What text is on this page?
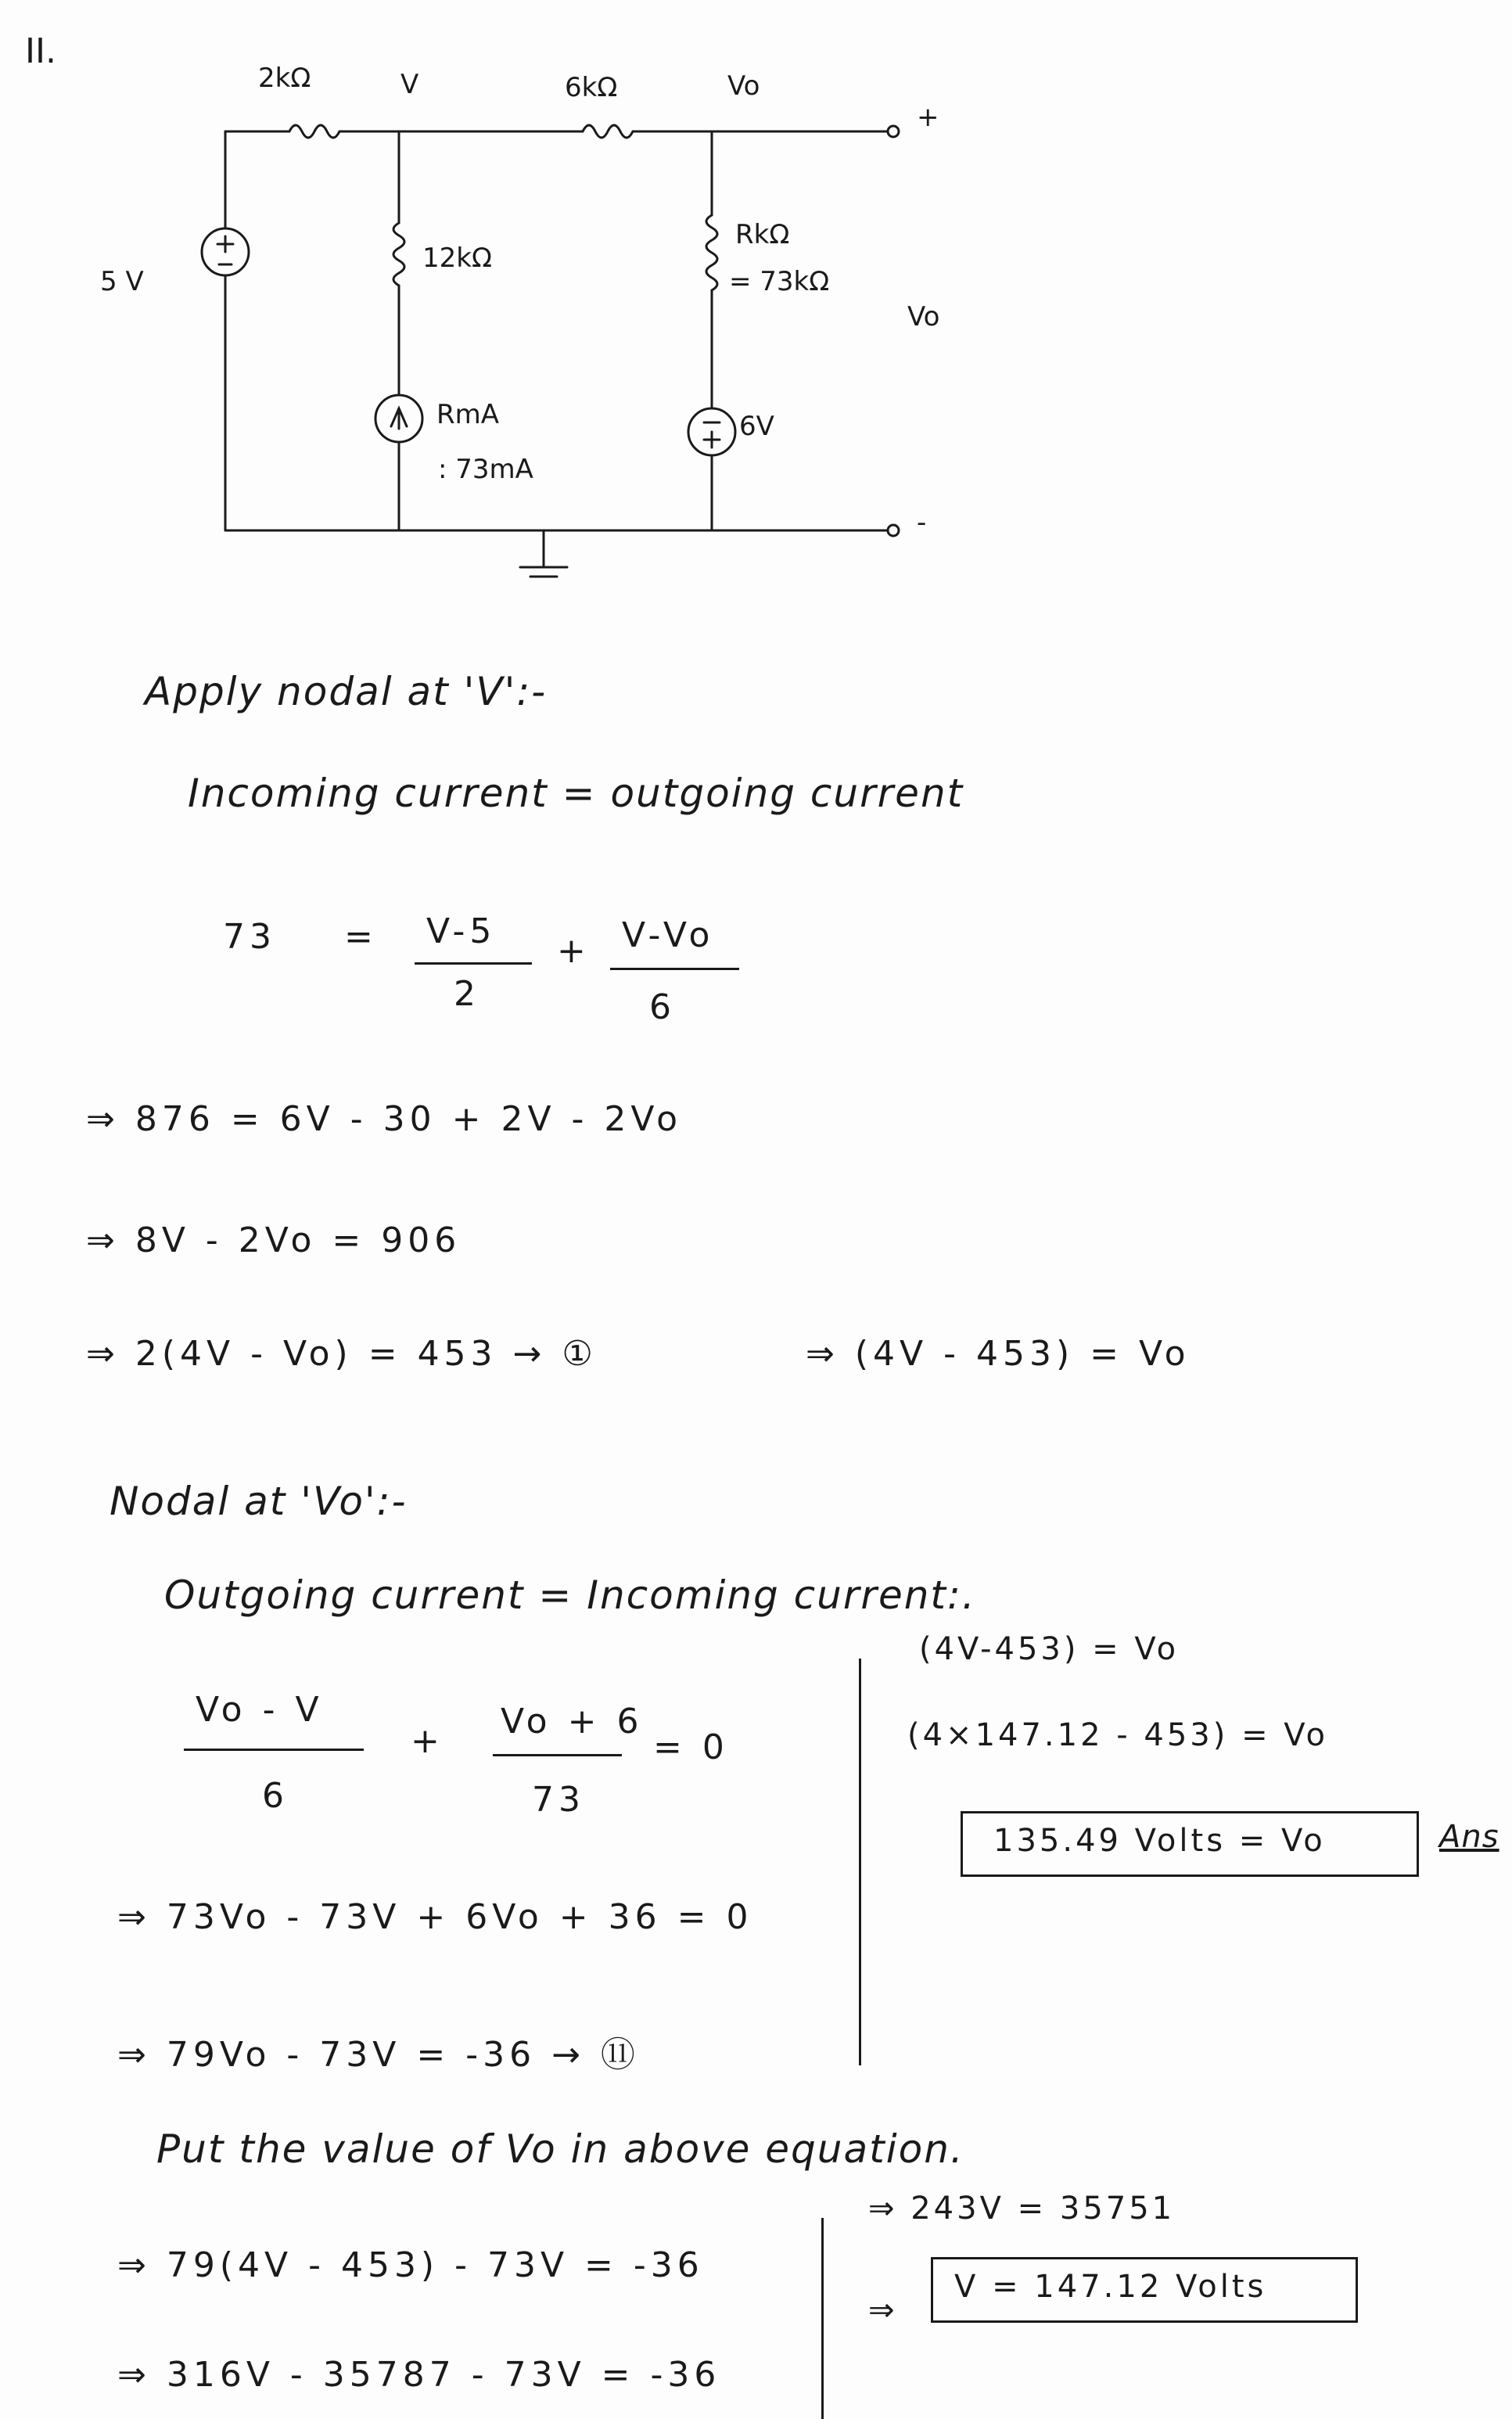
II.
2kΩ	V	6kΩ	Vo
+
-
5 V
12kΩ
RkΩ
= 73kΩ
Vo
RmA
: 73mA
6V
Apply nodal at 'V':-
Incoming current = outgoing current
73 = V-5
2
+ V-Vo
6
⇒ 876 = 6V - 30 + 2V - 2Vo
⇒ 8V - 2Vo = 906
⇒ 2(4V - Vo) = 453 → ①	⇒ (4V - 453) = Vo
Nodal at 'Vo':-
Outgoing current = Incoming current:.
Vo - V
6
+ Vo + 6
73
= 0
⇒ 73Vo - 73V + 6Vo + 36 = 0
⇒ 79Vo - 73V = -36 → ⑪
(4V-453) = Vo
(4×147.12 - 453) = Vo
135.49 Volts = Vo	Ans
Put the value of Vo in above equation.
⇒ 79(4V - 453) - 73V = -36
⇒ 316V - 35787 - 73V = -36
⇒ 243V = 35751
⇒
V = 147.12 Volts
